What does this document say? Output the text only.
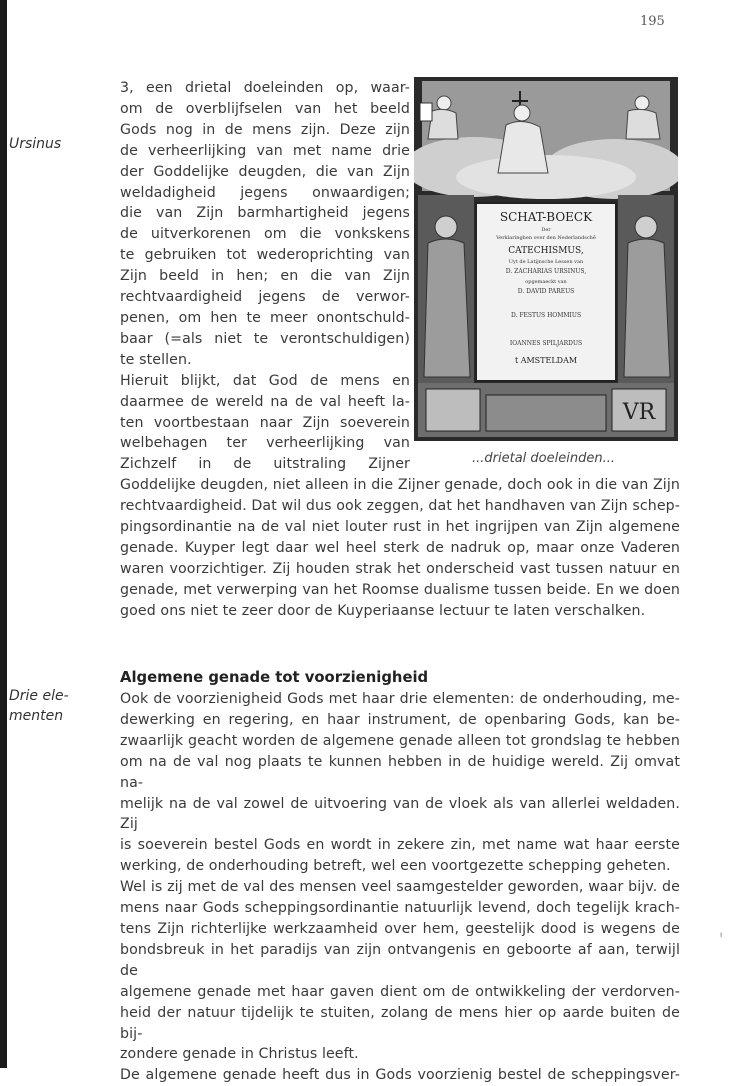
195
Ursinus
Drie ele-
menten
VR
SCHAT-BOECK
Der
Verklaringhen over den Nederlandschẽ
CATECHISMUS,
Uyt de Latijnsche Lessen van
D. ZACHARIAS URSINUS,
opgemaeckt van
D. DAVID PAREUS
D. FESTUS HOMMIUS
IOANNES SPILJARDUS
t AMSTELDAM
...drietal doeleinden...
3, een drietal doeleinden op, waar-
om de overblijfselen van het beeld
Gods nog in de mens zijn. Deze zijn
de verheerlijking van met name drie
der Goddelijke deugden, die van Zijn
weldadigheid jegens onwaardigen;
die van Zijn barmhartigheid jegens
de uitverkorenen om die vonkskens
te gebruiken tot wederoprichting van
Zijn beeld in hen; en die van Zijn
rechtvaardigheid jegens de verwor-
penen, om hen te meer onontschuld-
baar (=als niet te verontschuldigen)
te stellen.
Hieruit blijkt, dat God de mens en
daarmee de wereld na de val heeft la-
ten voortbestaan naar Zijn soeverein
welbehagen ter verheerlijking van
Zichzelf in de uitstraling Zijner
Goddelijke deugden, niet alleen in die Zijner genade, doch ook in die van Zijn
rechtvaardigheid. Dat wil dus ook zeggen, dat het handhaven van Zijn schep-
pingsordinantie na de val niet louter rust in het ingrijpen van Zijn algemene
genade. Kuyper legt daar wel heel sterk de nadruk op, maar onze Vaderen
waren voorzichtiger. Zij houden strak het onderscheid vast tussen natuur en
genade, met verwerping van het Roomse dualisme tussen beide. En we doen
goed ons niet te zeer door de Kuyperiaanse lectuur te laten verschalken.
Algemene genade tot voorzienigheid
Ook de voorzienigheid Gods met haar drie elementen: de onderhouding, me-
dewerking en regering, en haar instrument, de openbaring Gods, kan be-
zwaarlijk geacht worden de algemene genade alleen tot grondslag te hebben
om na de val nog plaats te kunnen hebben in de huidige wereld. Zij omvat na-
melijk na de val zowel de uitvoering van de vloek als van allerlei weldaden. Zij
is soeverein bestel Gods en wordt in zekere zin, met name wat haar eerste
werking, de onderhouding betreft, wel een voortgezette schepping geheten.
Wel is zij met de val des mensen veel saamgestelder geworden, waar bijv. de
mens naar Gods scheppingsordinantie natuurlijk levend, doch tegelijk krach-
tens Zijn richterlijke werkzaamheid over hem, geestelijk dood is wegens de
bondsbreuk in het paradijs van zijn ontvangenis en geboorte af aan, terwijl de
algemene genade met haar gaven dient om de ontwikkeling der verdorven-
heid der natuur tijdelijk te stuiten, zolang de mens hier op aarde buiten de bij-
zondere genade in Christus leeft.
De algemene genade heeft dus in Gods voorzienig bestel de scheppingsver-
ı
